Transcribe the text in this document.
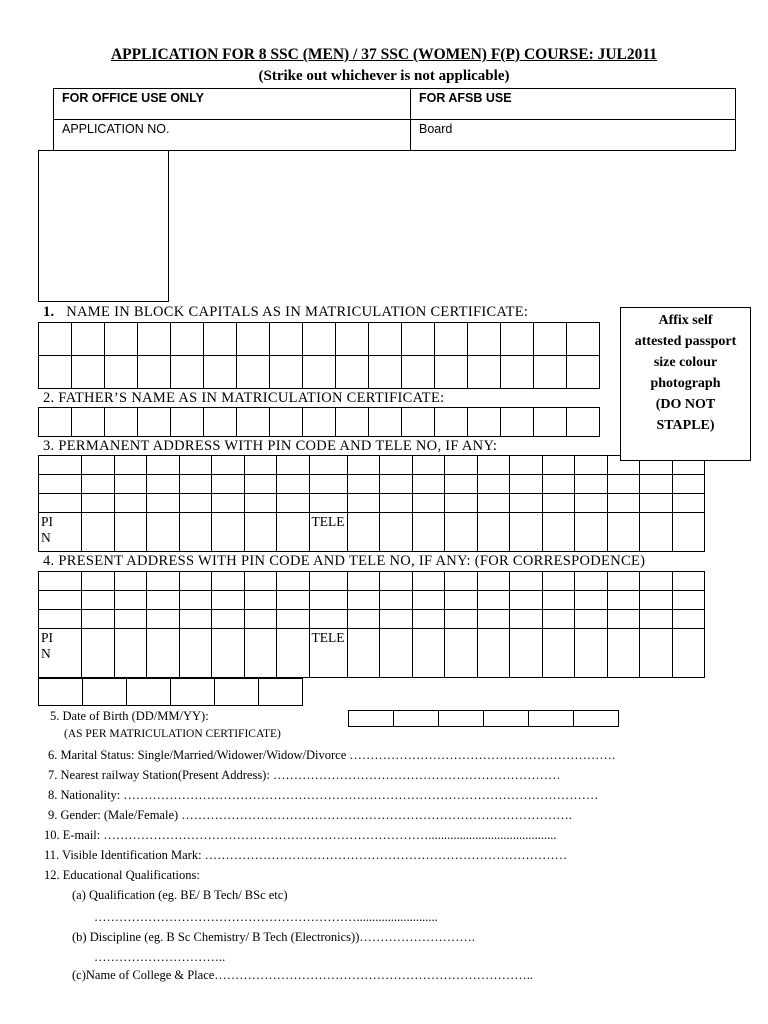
APPLICATION FOR 8 SSC (MEN) / 37 SSC (WOMEN) F(P) COURSE: JUL2011
(Strike out whichever is not applicable)
FOR OFFICE USE ONLY	FOR AFSB USE
APPLICATION NO.	Board
1. NAME IN BLOCK CAPITALS AS IN MATRICULATION CERTIFICATE:

2. FATHER’S NAME AS IN MATRICULATION CERTIFICATE:

3. PERMANENT ADDRESS WITH PIN CODE AND TELE NO, IF ANY:

PI
N								TELE											

4. PRESENT ADDRESS WITH PIN CODE AND TELE NO, IF ANY: (FOR CORRESPODENCE)

PI
N								TELE											

Affix self
attested passport
size colour
photograph
(DO NOT
STAPLE)
5. Date of Birth (DD/MM/YY):
(AS PER MATRICULATION CERTIFICATE)
6. Marital Status: Single/Married/Widower/Widow/Divorce ……………………………………………………….
7. Nearest railway Station(Present Address): ……………………………………………………………
8. Nationality: ……………………………………………………………………………………………………
9. Gender: (Male/Female) ………………………………………………………………………………….
10. E-mail: …………………………………………………………………….........................................
11. Visible Identification Mark: ……………………………………………………………………………
12. Educational Qualifications:
(a) Qualification (eg. BE/ B Tech/ BSc etc)
………………………………………………………..........................
(b) Discipline (eg. B Sc Chemistry/ B Tech (Electronics))……………………….
…………………………..
(c)Name of College & Place…………………………………………………………………..
